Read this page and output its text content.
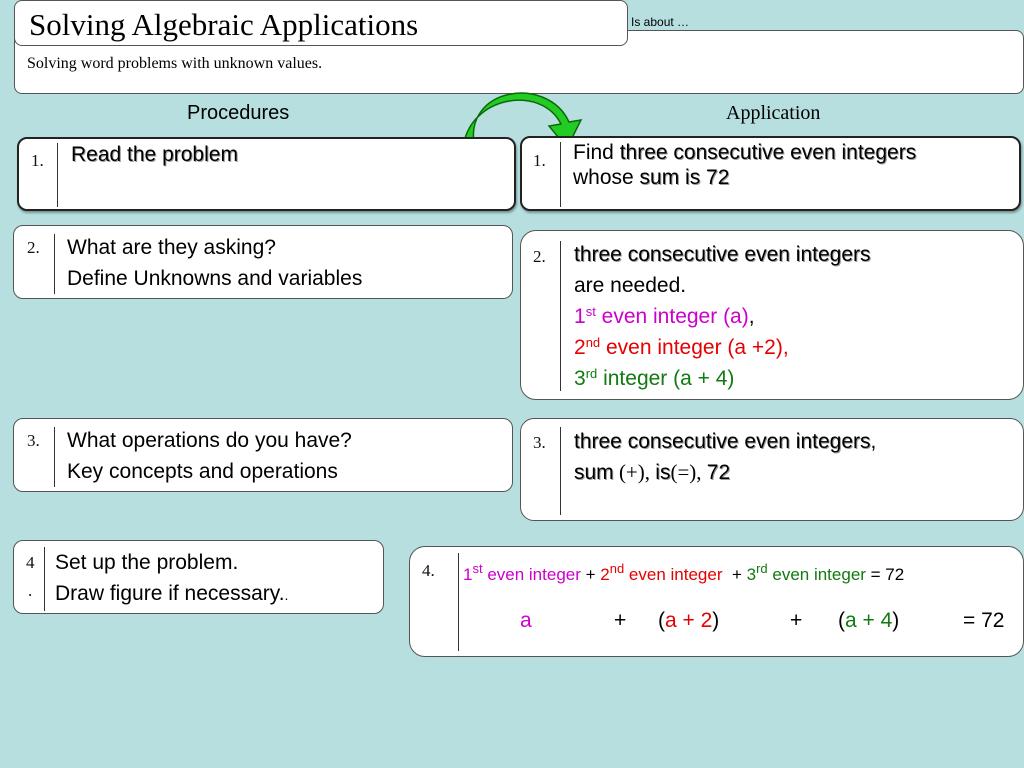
Solving word problems with unknown values.
Solving Algebraic Applications	Is about …
Procedures	Application
1. Read the problem
2. What are they asking?
Define Unknowns and variables
3. What operations do you have?
Key concepts and operations
4
.
Set up the problem.
Draw figure if necessary..
1. Find three consecutive even integers
whose sum is 72
2. three consecutive even integers
are needed.
1st even integer (a),
2nd even integer (a +2),
3rd integer (a + 4)
3. three consecutive even integers,
sum (+), is(=), 72
4. 1st even integer + 2nd even integer  + 3rd even integer = 72
a	+ (a + 2)	+ (a + 4)	= 72
